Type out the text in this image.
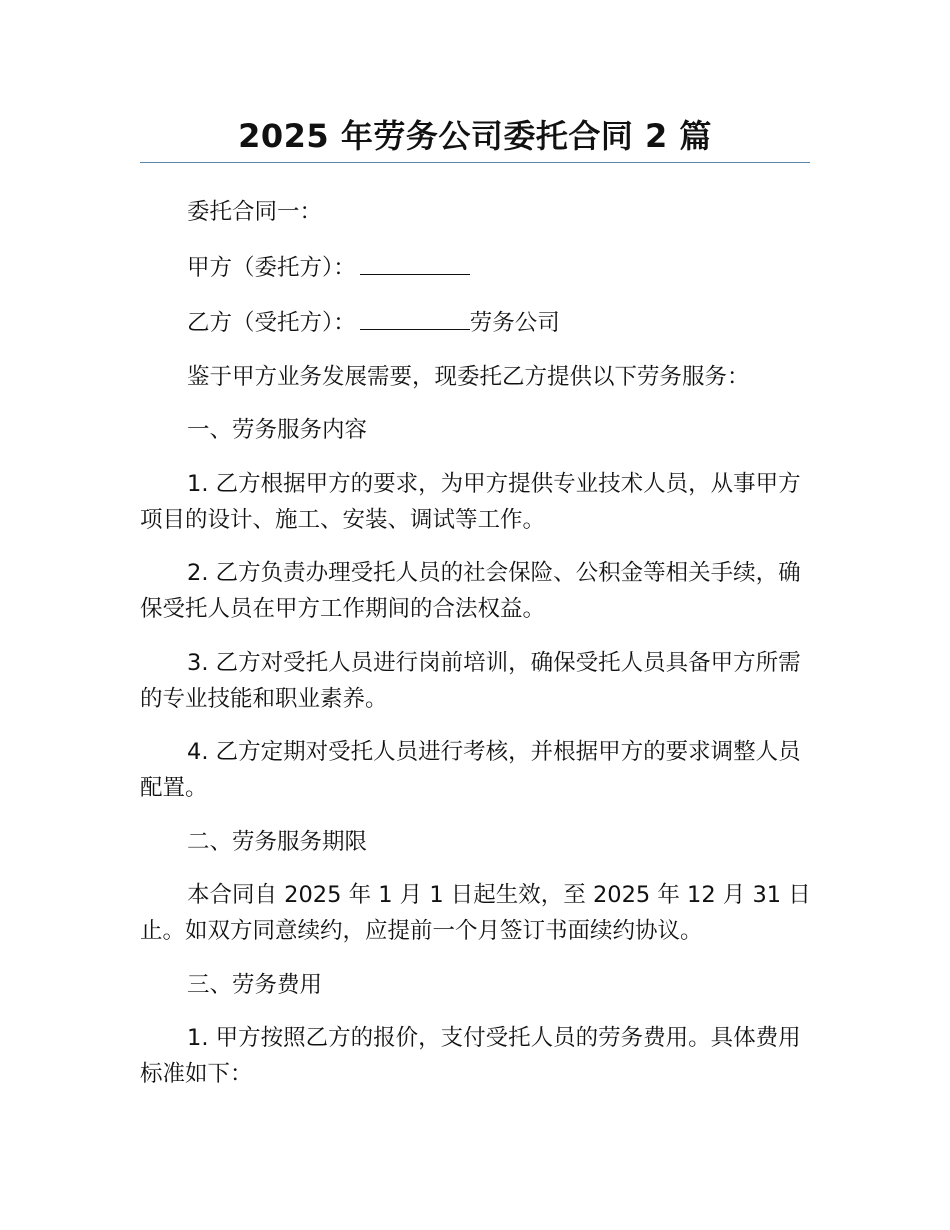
2025 年劳务公司委托合同 2 篇

委托合同一：

甲方（委托方）：

乙方（受托方）：	劳务公司

鉴于甲方业务发展需要，现委托乙方提供以下劳务服务：

一、劳务服务内容

1. 乙方根据甲方的要求，为甲方提供专业技术人员，从事甲方项目的设计、施工、安装、调试等工作。

2. 乙方负责办理受托人员的社会保险、公积金等相关手续，确保受托人员在甲方工作期间的合法权益。

3. 乙方对受托人员进行岗前培训，确保受托人员具备甲方所需的专业技能和职业素养。

4. 乙方定期对受托人员进行考核，并根据甲方的要求调整人员配置。

二、劳务服务期限

本合同自 2025 年 1 月 1 日起生效，至 2025 年 12 月 31 日止。如双方同意续约，应提前一个月签订书面续约协议。

三、劳务费用

1. 甲方按照乙方的报价，支付受托人员的劳务费用。具体费用标准如下：
